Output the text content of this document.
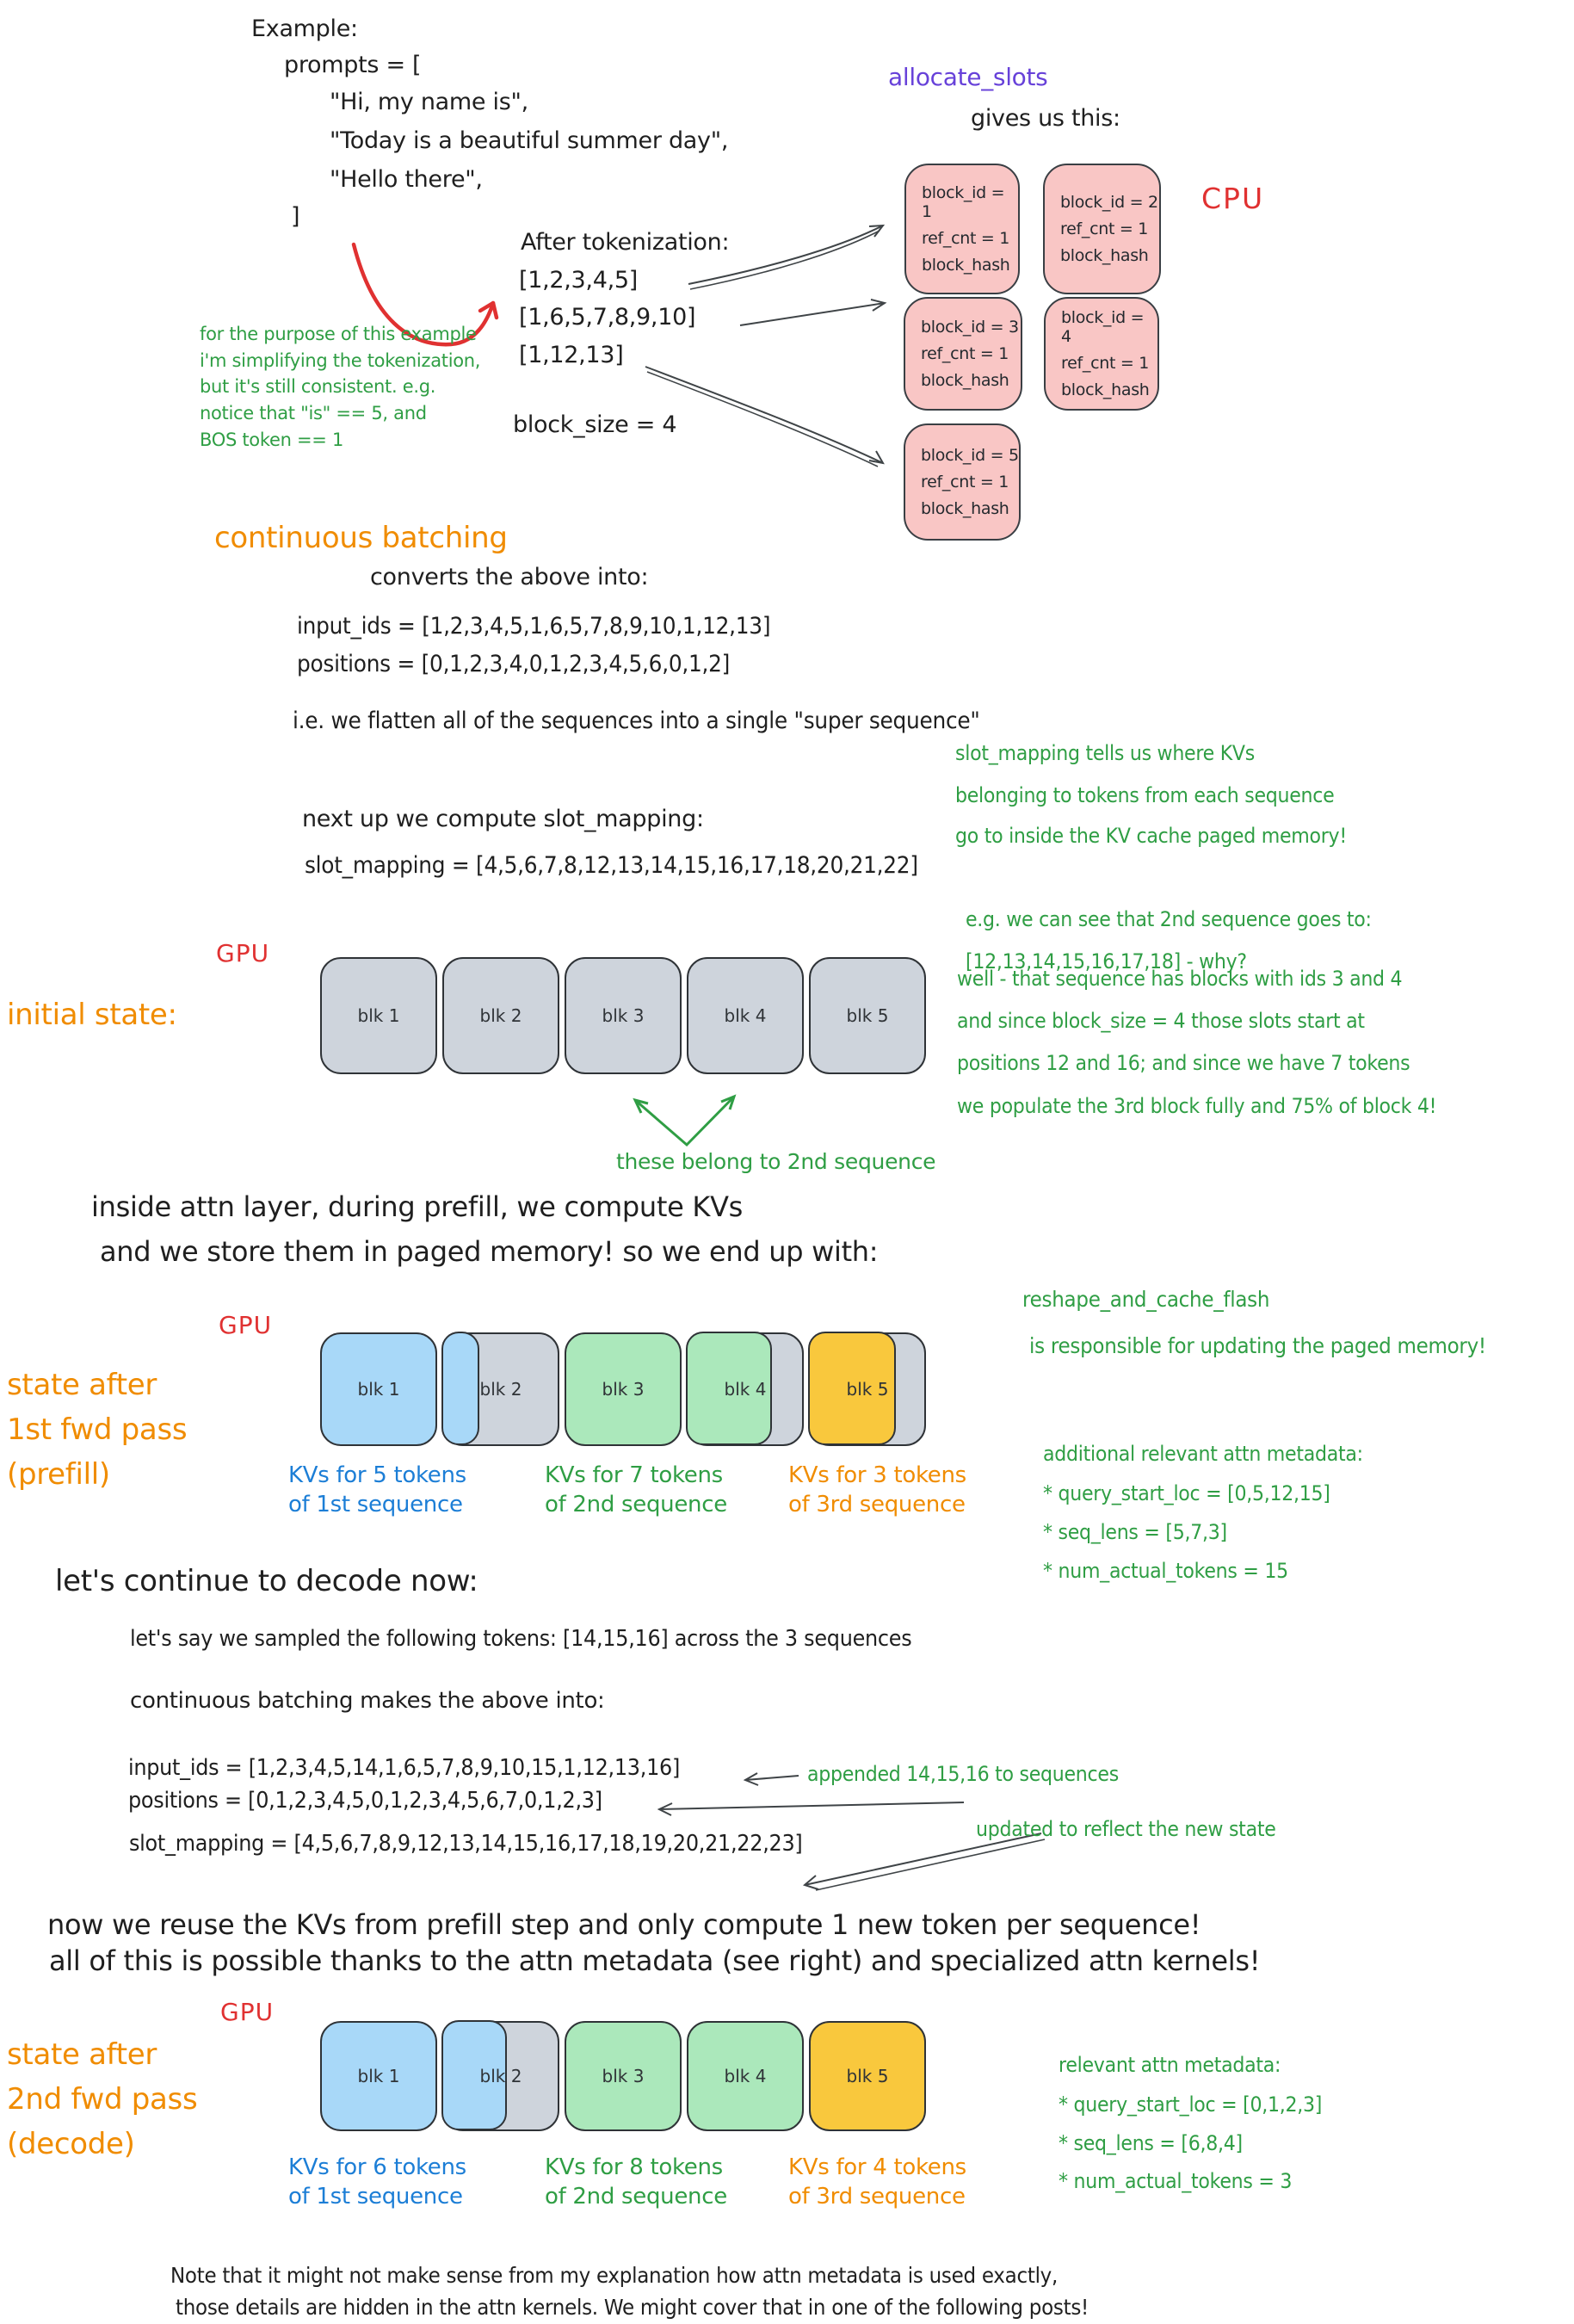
Example:
prompts = [
"Hi, my name is",
"Today is a beautiful summer day",
"Hello there",
]
After tokenization:
[1,2,3,4,5]
[1,6,5,7,8,9,10]
[1,12,13]
block_size = 4
for the purpose of this example
i'm simplifying the tokenization,
but it's still consistent. e.g.
notice that "is" == 5, and
BOS token == 1
allocate_slots
gives us this:
CPU
block_id = 1
ref_cnt = 1
block_hash
block_id = 2
ref_cnt = 1
block_hash
block_id = 3
ref_cnt = 1
block_hash
block_id = 4
ref_cnt = 1
block_hash
block_id = 5
ref_cnt = 1
block_hash
continuous batching
converts the above into:
input_ids = [1,2,3,4,5,1,6,5,7,8,9,10,1,12,13]
positions = [0,1,2,3,4,0,1,2,3,4,5,6,0,1,2]
i.e. we flatten all of the sequences into a single "super sequence"
next up we compute slot_mapping:
slot_mapping = [4,5,6,7,8,12,13,14,15,16,17,18,20,21,22]
slot_mapping tells us where KVs
belonging to tokens from each sequence
go to inside the KV cache paged memory!
e.g. we can see that 2nd sequence goes to:
[12,13,14,15,16,17,18] - why?
GPU
initial state:	blk 1	blk 2	blk 3	blk 4	blk 5
these belong to 2nd sequence
well - that sequence has blocks with ids 3 and 4
and since block_size = 4 those slots start at
positions 12 and 16; and since we have 7 tokens
we populate the 3rd block fully and 75% of block 4!
inside attn layer, during prefill, we compute KVs
and we store them in paged memory! so we end up with:
GPU
state after
1st fwd pass
(prefill)
blk 1	blk 2	blk 3	blk 4	blk 5
KVs for 5 tokens
of 1st sequence
KVs for 7 tokens
of 2nd sequence
KVs for 3 tokens
of 3rd sequence
reshape_and_cache_flash
is responsible for updating the paged memory!
additional relevant attn metadata:
* query_start_loc = [0,5,12,15]
* seq_lens = [5,7,3]
* num_actual_tokens = 15
let's continue to decode now:
let's say we sampled the following tokens: [14,15,16] across the 3 sequences
continuous batching makes the above into:
input_ids = [1,2,3,4,5,14,1,6,5,7,8,9,10,15,1,12,13,16]
positions = [0,1,2,3,4,5,0,1,2,3,4,5,6,7,0,1,2,3]
appended 14,15,16 to sequences
updated to reflect the new state
slot_mapping = [4,5,6,7,8,9,12,13,14,15,16,17,18,19,20,21,22,23]
now we reuse the KVs from prefill step and only compute 1 new token per sequence!
all of this is possible thanks to the attn metadata (see right) and specialized attn kernels!
GPU
state after
2nd fwd pass
(decode)
blk 1	blk 2	blk 3	blk 4	blk 5
KVs for 6 tokens
of 1st sequence
KVs for 8 tokens
of 2nd sequence
KVs for 4 tokens
of 3rd sequence
relevant attn metadata:
* query_start_loc = [0,1,2,3]
* seq_lens = [6,8,4]
* num_actual_tokens = 3
Note that it might not make sense from my explanation how attn metadata is used exactly,
those details are hidden in the attn kernels. We might cover that in one of the following posts!
